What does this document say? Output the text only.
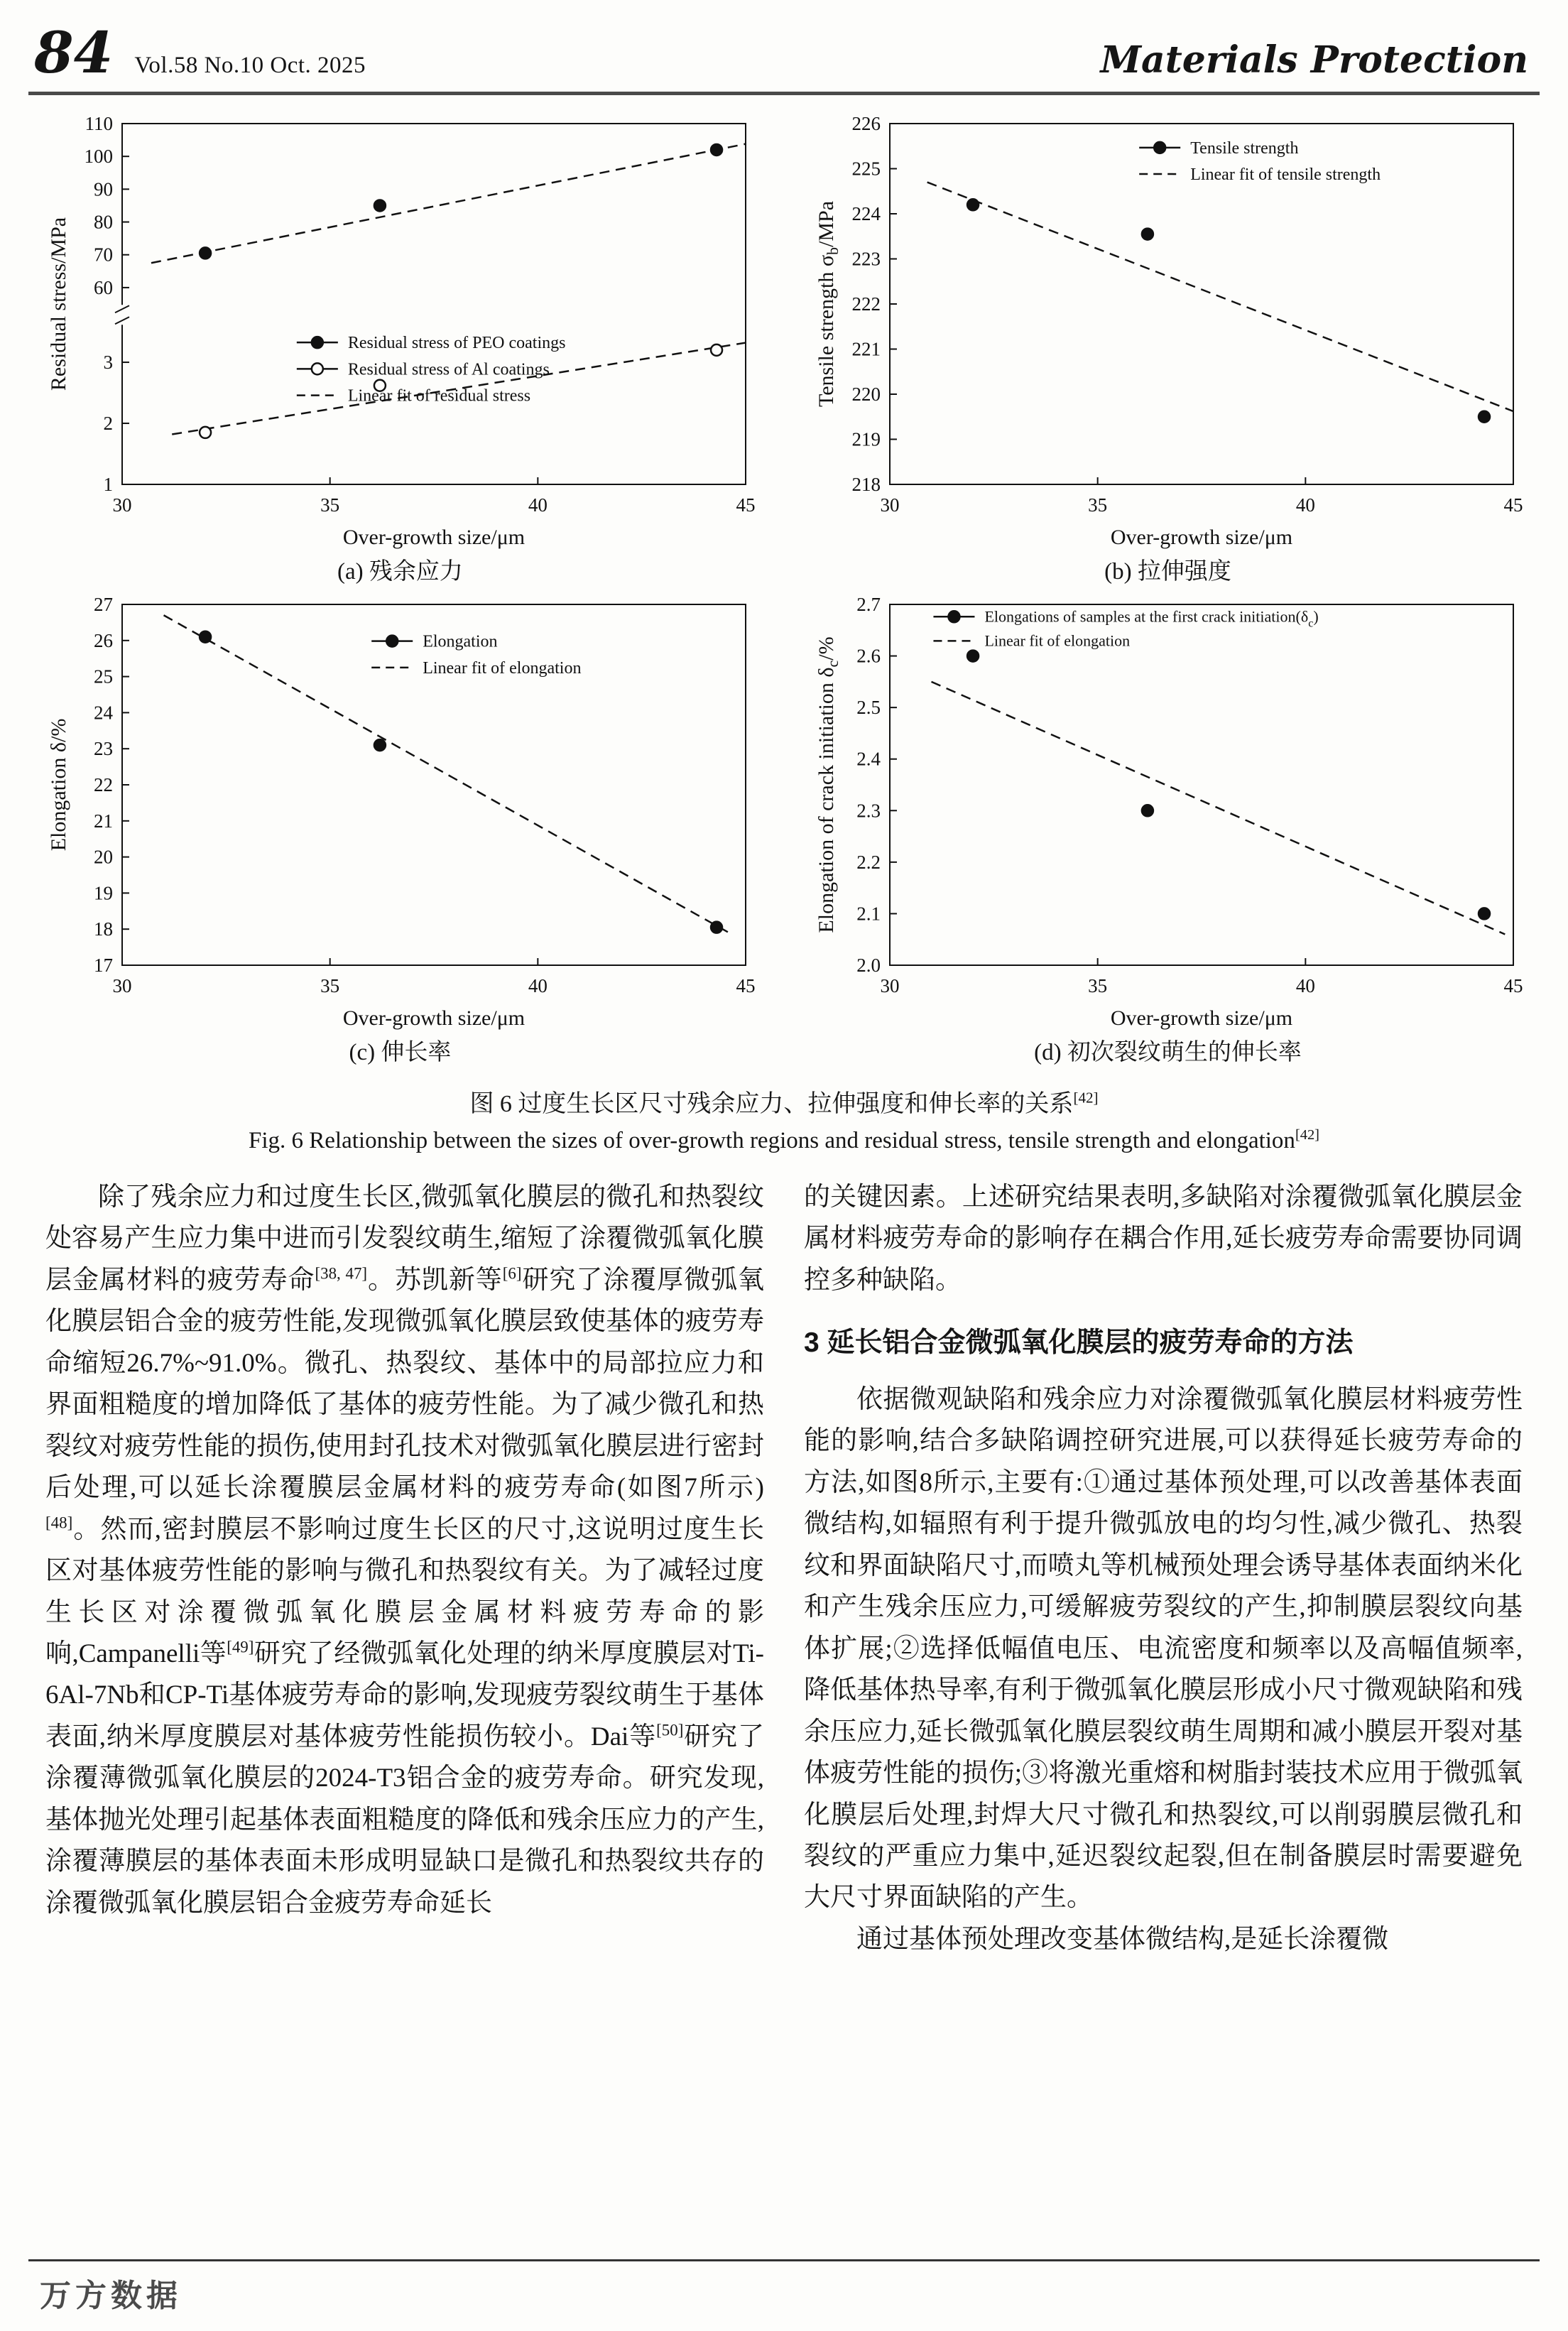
84 Vol.58 No.10 Oct. 2025	Materials Protection
30	35	40	45
60
70
80
90
100
110
1
2
3
Residual stress of PEO coatings
Residual stress of Al coatings
Linear fit of residual stress
Over-growth size/μm
Residual stress/MPa
(a) 残余应力
30	35	40	45
218
219
220
221
222
223
224
225
226
Tensile strength
Linear fit of tensile strength
Over-growth size/μm
Tensile strength $\sigma_b$/MPa
(b) 拉伸强度
30	35	40	45
17
18
19
20
21
22
23
24
25
26
27
Elongation
Linear fit of elongation
Over-growth size/μm
Elongation δ/%
(c) 伸长率
30	35	40	45
2.0
2.1
2.2
2.3
2.4
2.5
2.6
2.7
Elongations of samples at the first crack $initiation(\delta_c)$
Linear fit of elongation
Over-growth size/μm
Elongation of crack initiation $\delta_c/\%$
(d) 初次裂纹萌生的伸长率

图 6 过度生长区尺寸残余应力、拉伸强度和伸长率的关系[42]

Fig. 6 Relationship between the sizes of over-growth regions and residual stress, tensile strength and elongation[42]

除了残余应力和过度生长区,微弧氧化膜层的微孔和热裂纹处容易产生应力集中进而引发裂纹萌生,缩短了涂覆微弧氧化膜层金属材料的疲劳寿命[38, 47]。苏凯新等[6]研究了涂覆厚微弧氧化膜层铝合金的疲劳性能,发现微弧氧化膜层致使基体的疲劳寿命缩短26.7%~91.0%。微孔、热裂纹、基体中的局部拉应力和界面粗糙度的增加降低了基体的疲劳性能。为了减少微孔和热裂纹对疲劳性能的损伤,使用封孔技术对微弧氧化膜层进行密封后处理,可以延长涂覆膜层金属材料的疲劳寿命(如图7所示)[48]。然而,密封膜层不影响过度生长区的尺寸,这说明过度生长区对基体疲劳性能的影响与微孔和热裂纹有关。为了减轻过度生长区对涂覆微弧氧化膜层金属材料疲劳寿命的影响,Campanelli等[49]研究了经微弧氧化处理的纳米厚度膜层对Ti-6Al-7Nb和CP-Ti基体疲劳寿命的影响,发现疲劳裂纹萌生于基体表面,纳米厚度膜层对基体疲劳性能损伤较小。Dai等[50]研究了涂覆薄微弧氧化膜层的2024-T3铝合金的疲劳寿命。研究发现,基体抛光处理引起基体表面粗糙度的降低和残余压应力的产生,涂覆薄膜层的基体表面未形成明显缺口是微孔和热裂纹共存的涂覆微弧氧化膜层铝合金疲劳寿命延长

的关键因素。上述研究结果表明,多缺陷对涂覆微弧氧化膜层金属材料疲劳寿命的影响存在耦合作用,延长疲劳寿命需要协同调控多种缺陷。

3 延长铝合金微弧氧化膜层的疲劳寿命的方法

依据微观缺陷和残余应力对涂覆微弧氧化膜层材料疲劳性能的影响,结合多缺陷调控研究进展,可以获得延长疲劳寿命的方法,如图8所示,主要有:①通过基体预处理,可以改善基体表面微结构,如辐照有利于提升微弧放电的均匀性,减少微孔、热裂纹和界面缺陷尺寸,而喷丸等机械预处理会诱导基体表面纳米化和产生残余压应力,可缓解疲劳裂纹的产生,抑制膜层裂纹向基体扩展;②选择低幅值电压、电流密度和频率以及高幅值频率,降低基体热导率,有利于微弧氧化膜层形成小尺寸微观缺陷和残余压应力,延长微弧氧化膜层裂纹萌生周期和减小膜层开裂对基体疲劳性能的损伤;③将激光重熔和树脂封装技术应用于微弧氧化膜层后处理,封焊大尺寸微孔和热裂纹,可以削弱膜层微孔和裂纹的严重应力集中,延迟裂纹起裂,但在制备膜层时需要避免大尺寸界面缺陷的产生。

通过基体预处理改变基体微结构,是延长涂覆微

万方数据
